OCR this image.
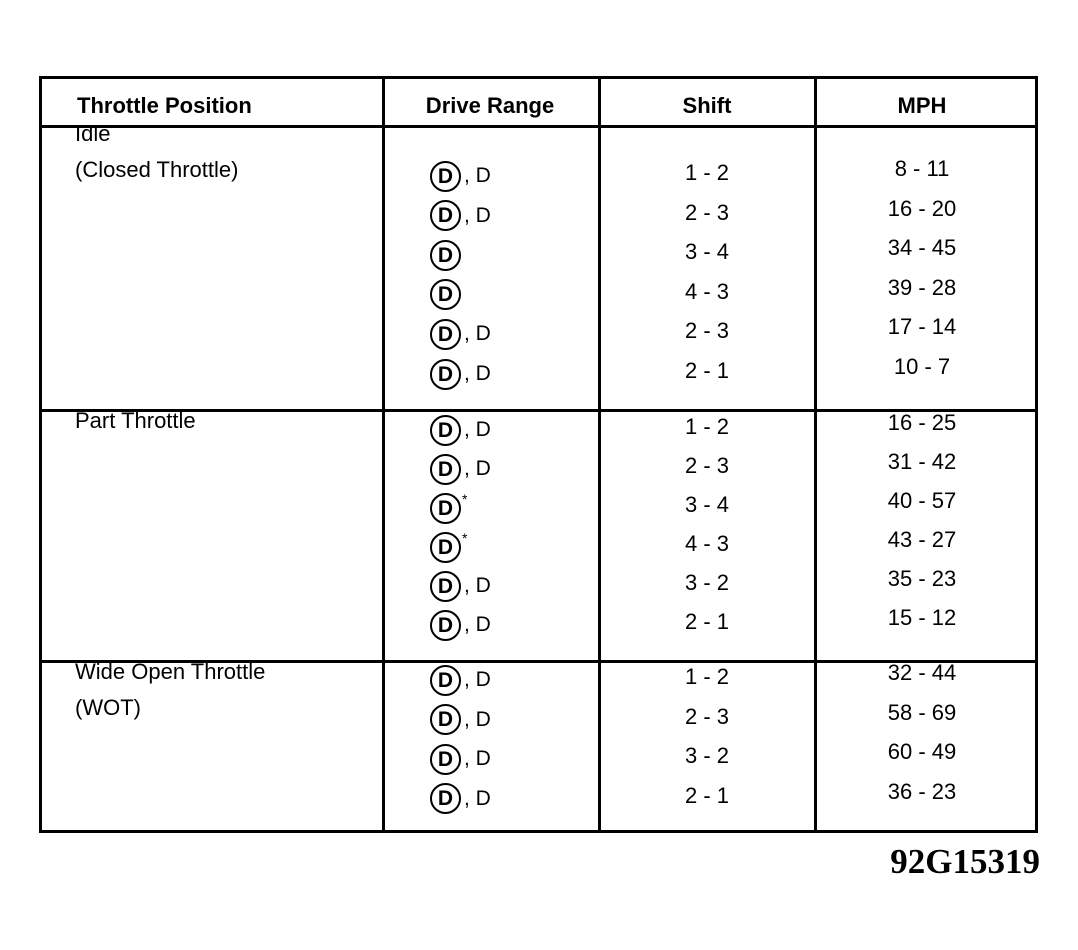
Throttle Position	Drive Range	Shift	MPH
Idle
(Closed Throttle)	D , D	1 - 2	8 - 11
D , D	2 - 3	16 - 20
D	3 - 4	34 - 45
D	4 - 3	39 - 28
D , D	2 - 3	17 - 14
D , D	2 - 1	10 - 7
Part Throttle	D , D	1 - 2	16 - 25
D , D	2 - 3	31 - 42
D *	3 - 4	40 - 57
D *	4 - 3	43 - 27
D , D	3 - 2	35 - 23
D , D	2 - 1	15 - 12
Wide Open Throttle
(WOT)
D , D	1 - 2	32 - 44
D , D	2 - 3	58 - 69
D , D	3 - 2	60 - 49
D , D	2 - 1	36 - 23
92G15319
